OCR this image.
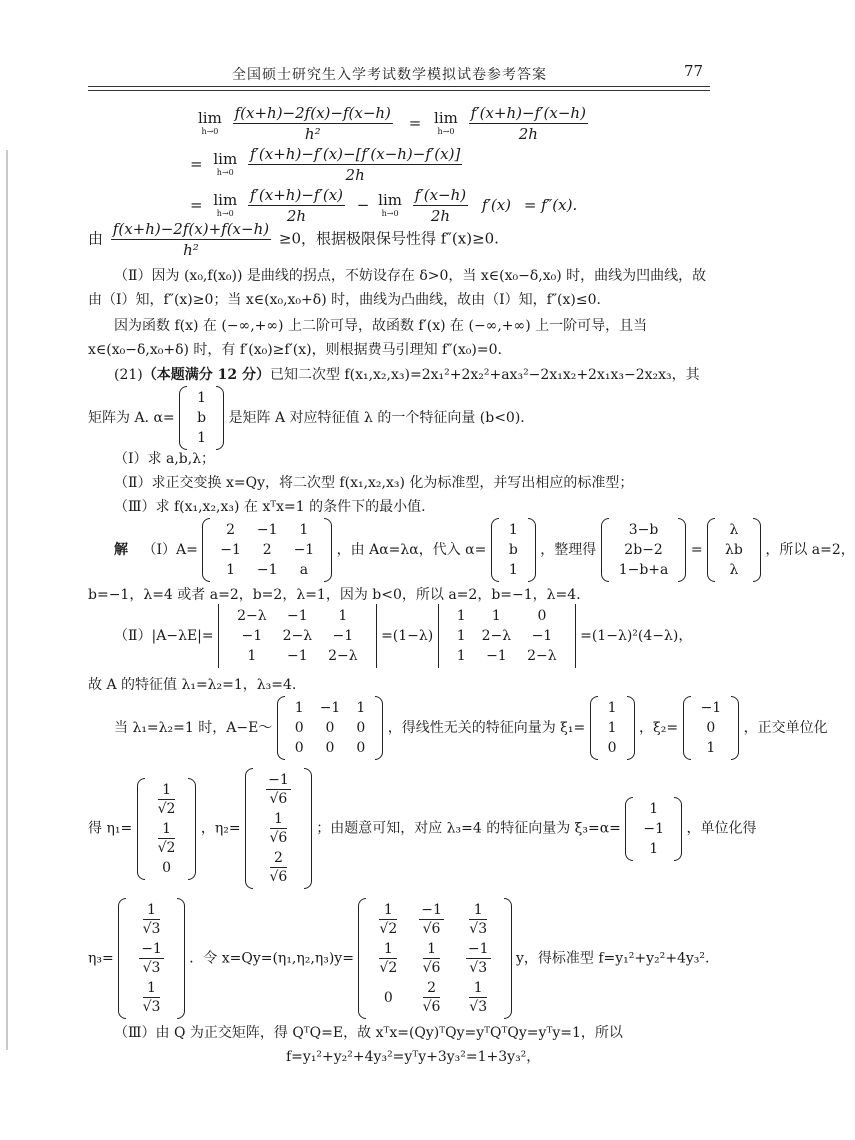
全国硕士研究生入学考试数学模拟试卷参考答案	77
lim
h→0
$\frac{f(x+h)-2f(x)-f(x-h)}{\text{h²}} = \lim$
h→0
$\frac{f'(x+h)-f'(x-h)}{2h}$
= lim
h→0
$\frac{f'(x+h)-f'(x)-[f'(x-h)-f'(x)]}{2h}$
= lim
h→0
$\frac{f'(x+h)-f'(x)}{2h} - \lim$
h→0
$\frac{f'(x-h)}{2h} f'(x) = f''(x)$.
由 $\frac{f(x+h)-2f(x)+f(x-h)}{\text{h²}} \ge 0$，根据极限保号性得 f″(x)≥0.
（Ⅱ）因为 (x₀,f(x₀)) 是曲线的拐点，不妨设存在 δ>0，当 x∈(x₀−δ,x₀) 时，曲线为凹曲线，故
由（Ⅰ）知，f″(x)≥0；当 x∈(x₀,x₀+δ) 时，曲线为凸曲线，故由（Ⅰ）知，f″(x)≤0.
因为函数 f(x) 在 (−∞,+∞) 上二阶可导，故函数 f′(x) 在 (−∞,+∞) 上一阶可导，且当
x∈(x₀−δ,x₀+δ) 时，有 f′(x₀)≥f′(x)，则根据费马引理知 f″(x₀)=0.
(21)（本题满分 12 分）已知二次型 f(x₁,x₂,x₃)=2x₁²+2x₂²+ax₃²−2x₁x₂+2x₁x₃−2x₂x₃，其
矩阵为 A. α=
1
b
1
是矩阵 A 对应特征值 λ 的一个特征向量 (b<0).
（Ⅰ）求 a,b,λ；
（Ⅱ）求正交变换 x=Qy，将二次型 f(x₁,x₂,x₃) 化为标准型，并写出相应的标准型；
（Ⅲ）求 f(x₁,x₂,x₃) 在 xᵀx=1 的条件下的最小值.
解 （Ⅰ）A=
2	−1	1
−1	2	−1
1	−1	a
，由 Aα=λα，代入 α=
1
b
1
，整理得
3−b
2b−2
1−b+a
=
λ
λb
λ
，所以 a=2，
b=−1，λ=4 或者 a=2，b=2，λ=1，因为 b<0，所以 a=2，b=−1，λ=4.
（Ⅱ）|A−λE|=
2−λ	−1	1
−1	2−λ	−1
1	−1	2−λ
=(1−λ)
1	1	0
1	2−λ	−1
1	−1	2−λ
=(1−λ)²(4−λ)，
故 A 的特征值 λ₁=λ₂=1，λ₃=4.
当 λ₁=λ₂=1 时，A−E～
1	−1	1
0	0	0
0	0	0
，得线性无关的特征向量为 ξ₁=
1
1
0
，ξ₂=
−1
0
1
，正交单位化
得 η₁=
$\frac{1}{√2}$

$\frac{1}{√2}$

0
，η₂=
$\frac{-1}{√6}$

$\frac{1}{√6}$

$\frac{2}{√6}$
；由题意可知，对应 λ₃=4 的特征向量为 ξ₃=α=
1
−1
1
，单位化得
η₃=
$\frac{1}{√3}$

$\frac{-1}{√3}$

$\frac{1}{√3}$
．令 x=Qy=(η₁,η₂,η₃)y=
$\frac{1}{√2}$	$\frac{-1}{√6}$	$\frac{1}{√3}$

$\frac{1}{√2}$	$\frac{1}{√6}$	$\frac{-1}{√3}$

0	$\frac{2}{√6}$	$\frac{1}{√3}$
y，得标准型 f=y₁²+y₂²+4y₃².
（Ⅲ）由 Q 为正交矩阵，得 QᵀQ=E，故 xᵀx=(Qy)ᵀQy=yᵀQᵀQy=yᵀy=1，所以
f=y₁²+y₂²+4y₃²=yᵀy+3y₃²=1+3y₃²，
